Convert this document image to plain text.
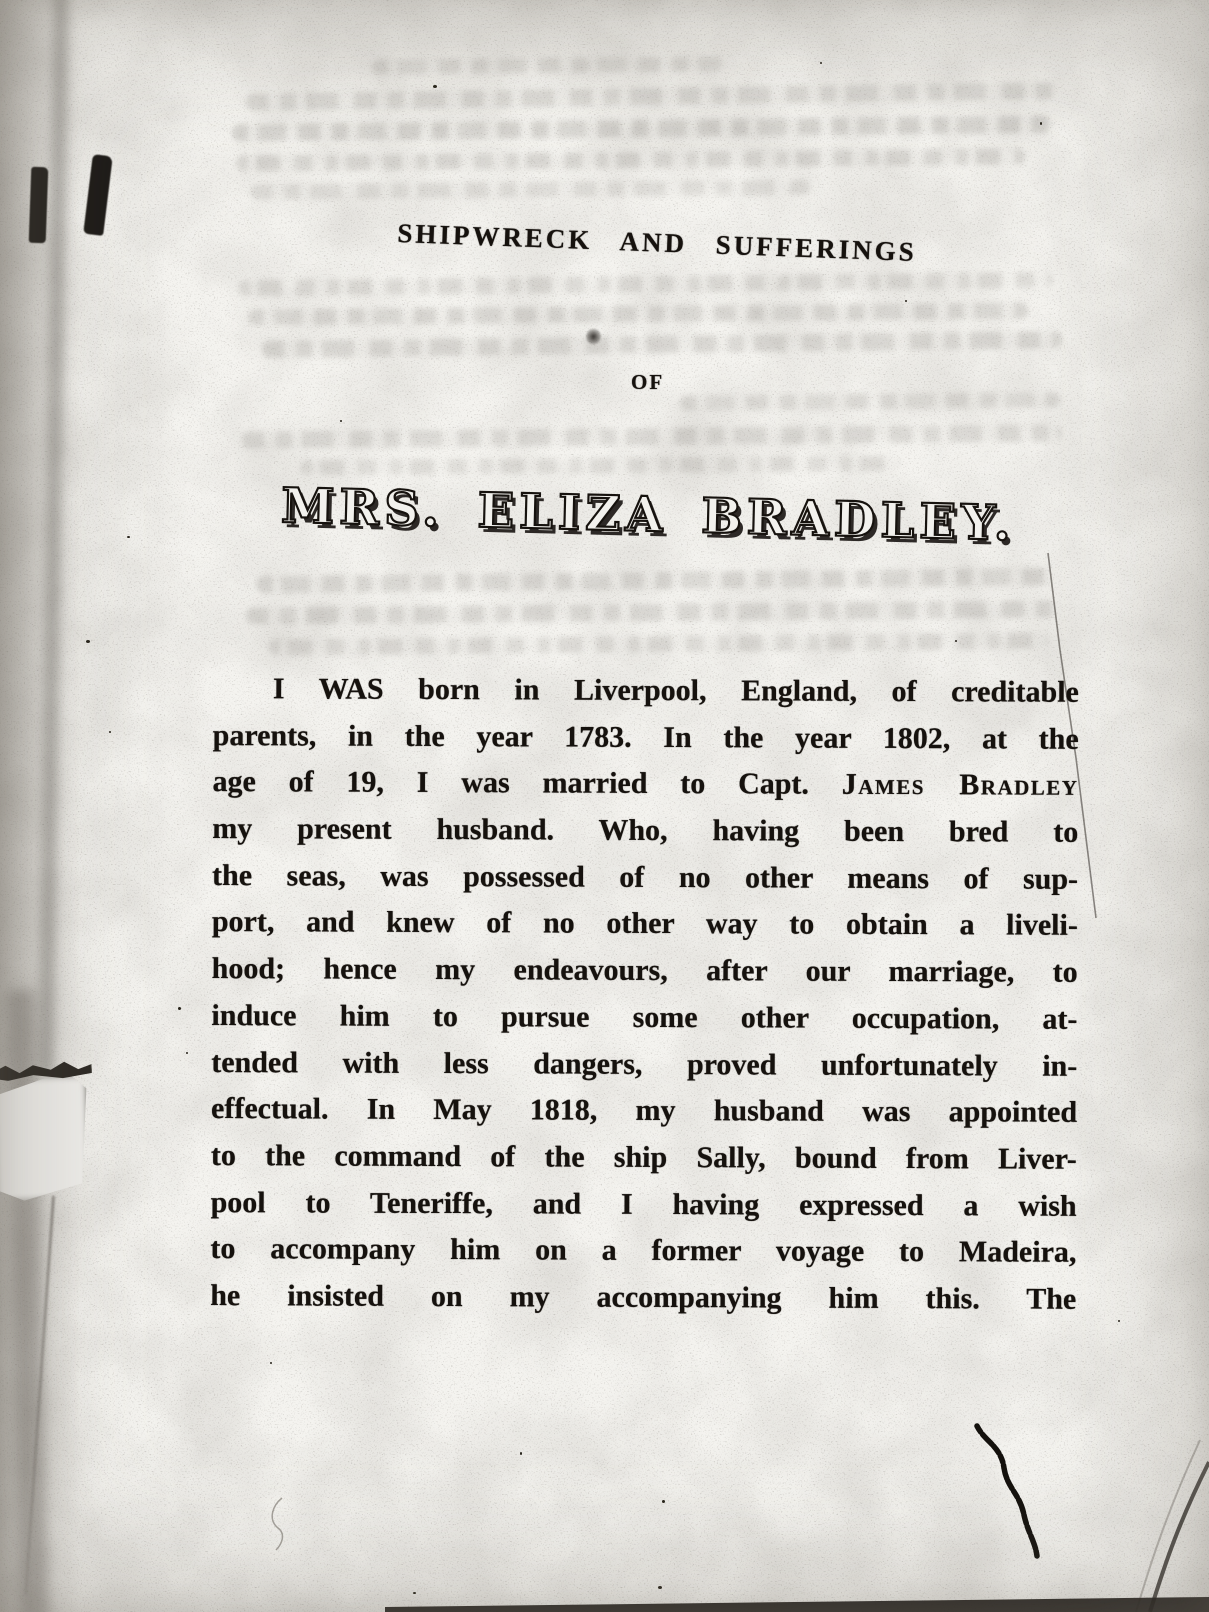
SHIPWRECK AND SUFFERINGS
OF
MRS. ELIZA BRADLEY.
I WAS born in Liverpool, England, of creditable
parents, in the year 1783. In the year 1802, at the
age of 19, I was married to Capt. James Bradley
my present husband. Who, having been bred to
the seas, was possessed of no other means of sup-
port, and knew of no other way to obtain a liveli-
hood; hence my endeavours, after our marriage, to
induce him to pursue some other occupation, at-
tended with less dangers, proved unfortunately in-
effectual. In May 1818, my husband was appointed
to the command of the ship Sally, bound from Liver-
pool to Teneriffe, and I having expressed a wish
to accompany him on a former voyage to Madeira,
he insisted on my accompanying him this. The
